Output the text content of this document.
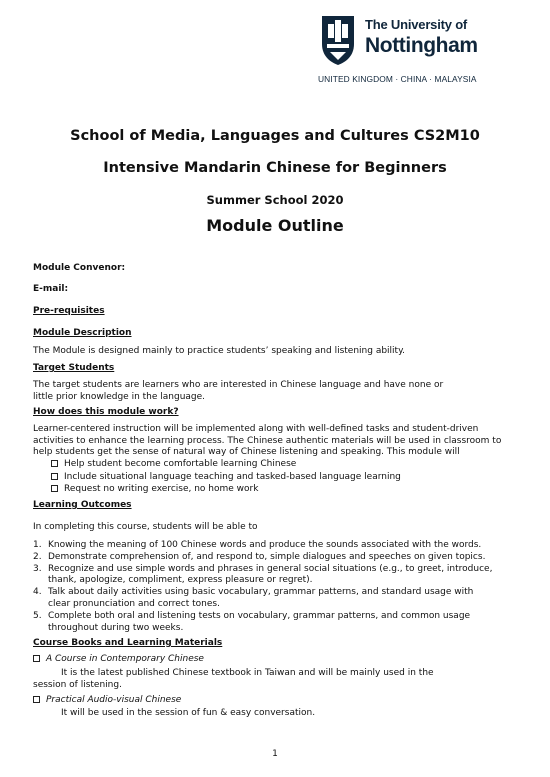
The University of
Nottingham
UNITED KINGDOM · CHINA · MALAYSIA
School of Media, Languages and Cultures CS2M10
Intensive Mandarin Chinese for Beginners
Summer School 2020
Module Outline
Module Convenor:
E-mail:
Pre-requisites
Module Description
The Module is designed mainly to practice students’ speaking and listening ability.
Target Students
The target students are learners who are interested in Chinese language and have none or
little prior knowledge in the language.
How does this module work?
Learner-centered instruction will be implemented along with well-defined tasks and student-driven
activities to enhance the learning process. The Chinese authentic materials will be used in classroom to
help students get the sense of natural way of Chinese listening and speaking. This module will
Help student become comfortable learning Chinese
Include situational language teaching and tasked-based language learning
Request no writing exercise, no home work
Learning Outcomes
In completing this course, students will be able to
1. Knowing the meaning of 100 Chinese words and produce the sounds associated with the words.
2. Demonstrate comprehension of, and respond to, simple dialogues and speeches on given topics.
3. Recognize and use simple words and phrases in general social situations (e.g., to greet, introduce,
thank, apologize, compliment, express pleasure or regret).
4. Talk about daily activities using basic vocabulary, grammar patterns, and standard usage with
clear pronunciation and correct tones.
5. Complete both oral and listening tests on vocabulary, grammar patterns, and common usage
throughout during two weeks.
Course Books and Learning Materials
A Course in Contemporary Chinese
It is the latest published Chinese textbook in Taiwan and will be mainly used in the
session of listening.
Practical Audio-visual Chinese
It will be used in the session of fun & easy conversation.
1
